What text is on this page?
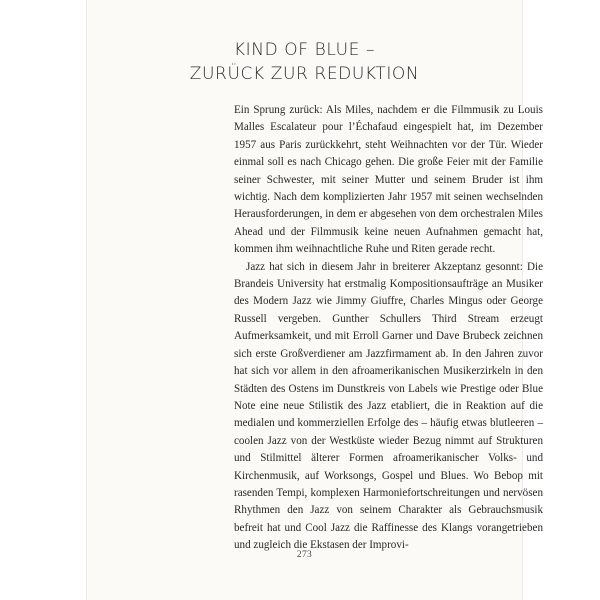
KIND OF BLUE –
ZURÜCK ZUR REDUKTION

Ein Sprung zurück: Als Miles, nachdem er die Filmmusik zu Louis Malles Escalateur pour l’Échafaud eingespielt hat, im Dezember 1957 aus Paris zurückkehrt, steht Weihnachten vor der Tür. Wieder einmal soll es nach Chicago gehen. Die große Feier mit der Familie seiner Schwester, mit seiner Mutter und seinem Bruder ist ihm wichtig. Nach dem komplizierten Jahr 1957 mit seinen wechselnden Herausforderungen, in dem er abgesehen von dem orchestralen Miles Ahead und der Filmmusik keine neuen Aufnahmen gemacht hat, kommen ihm weihnachtliche Ruhe und Riten gerade recht.

Jazz hat sich in diesem Jahr in breiterer Akzeptanz gesonnt: Die Brandeis University hat erstmalig Kompositionsaufträge an Musiker des Modern Jazz wie Jimmy Giuffre, Charles Mingus oder George Russell vergeben. Gunther Schullers Third Stream erzeugt Aufmerksamkeit, und mit Erroll Garner und Dave Brubeck zeichnen sich erste Großverdiener am Jazzfirmament ab. In den Jahren zuvor hat sich vor allem in den afroamerikanischen Musikerzirkeln in den Städten des Ostens im Dunstkreis von Labels wie Prestige oder Blue Note eine neue Stilistik des Jazz etabliert, die in Reaktion auf die medialen und kommerziellen Erfolge des – häufig etwas blutleeren – coolen Jazz von der Westküste wieder Bezug nimmt auf Strukturen und Stilmittel älterer Formen afroamerikanischer Volks- und Kirchenmusik, auf Worksongs, Gospel und Blues. Wo Bebop mit rasenden Tempi, komplexen Harmoniefortschreitungen und nervösen Rhythmen den Jazz von seinem Charakter als Gebrauchsmusik befreit hat und Cool Jazz die Raffinesse des Klangs vorangetrieben und zugleich die Ekstasen der Improvi-

273
